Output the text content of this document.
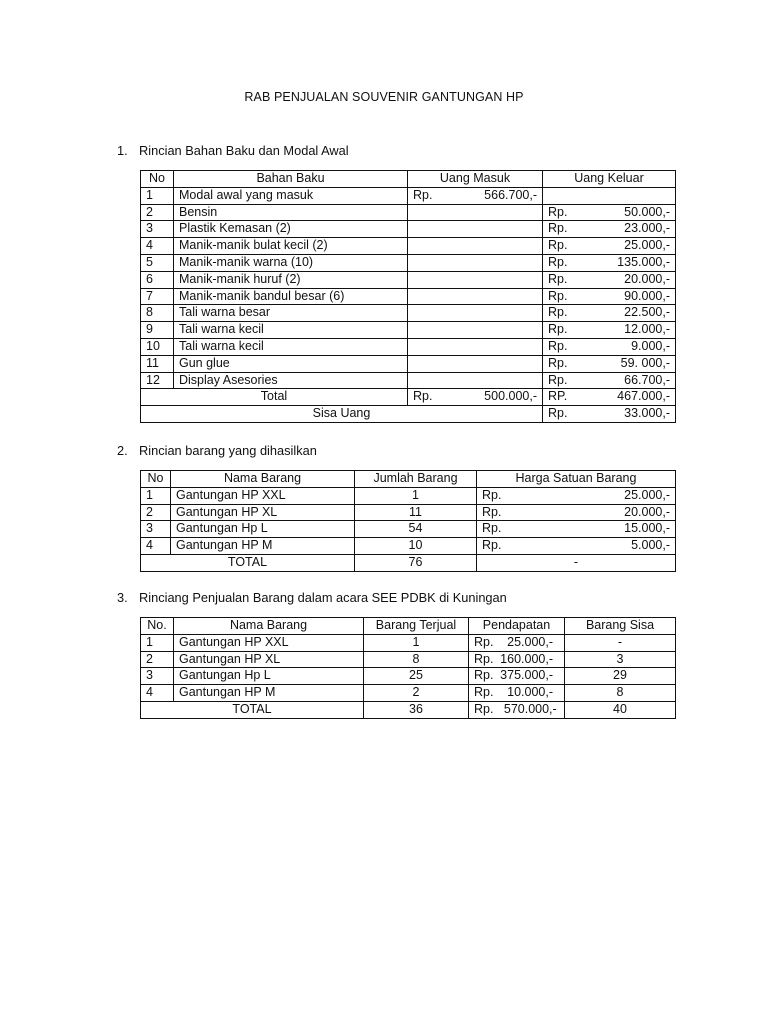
RAB PENJUALAN SOUVENIR GANTUNGAN HP
1. Rincian Bahan Baku dan Modal Awal
No	Bahan Baku	Uang Masuk	Uang Keluar
1	Modal awal yang masuk	Rp. 566.700,-	

2	Bensin		Rp. 50.000,-

3	Plastik Kemasan (2)		Rp. 23.000,-

4	Manik-manik bulat kecil (2)		Rp. 25.000,-

5	Manik-manik warna (10)		Rp. 135.000,-

6	Manik-manik huruf (2)		Rp. 20.000,-

7	Manik-manik bandul besar (6)		Rp. 90.000,-

8	Tali warna besar		Rp. 22.500,-

9	Tali warna kecil		Rp. 12.000,-

10	Tali warna kecil		Rp. 9.000,-

11	Gun glue		Rp. 59. 000,-

12	Display Asesories		Rp. 66.700,-

Total		Rp. 500.000,-	RP. 467.000,-

Sisa Uang			Rp. 33.000,-
2. Rincian barang yang dihasilkan
No	Nama Barang	Jumlah Barang	Harga Satuan Barang
1	Gantungan HP XXL	1	Rp. 25.000,-

2	Gantungan HP XL	11	Rp. 20.000,-

3	Gantungan Hp L	54	Rp. 15.000,-

4	Gantungan HP M	10	Rp. 5.000,-

TOTAL		76	-
3. Rinciang Penjualan Barang dalam acara SEE PDBK di Kuningan
No.	Nama Barang	Barang Terjual	Pendapatan	Barang Sisa
1	Gantungan HP XXL	1	Rp. 25.000,-	-
2	Gantungan HP XL	8	Rp. 160.000,-	3
3	Gantungan Hp L	25	Rp. 375.000,-	29
4	Gantungan HP M	2	Rp. 10.000,-	8
TOTAL		36	Rp. 570.000,-	40
